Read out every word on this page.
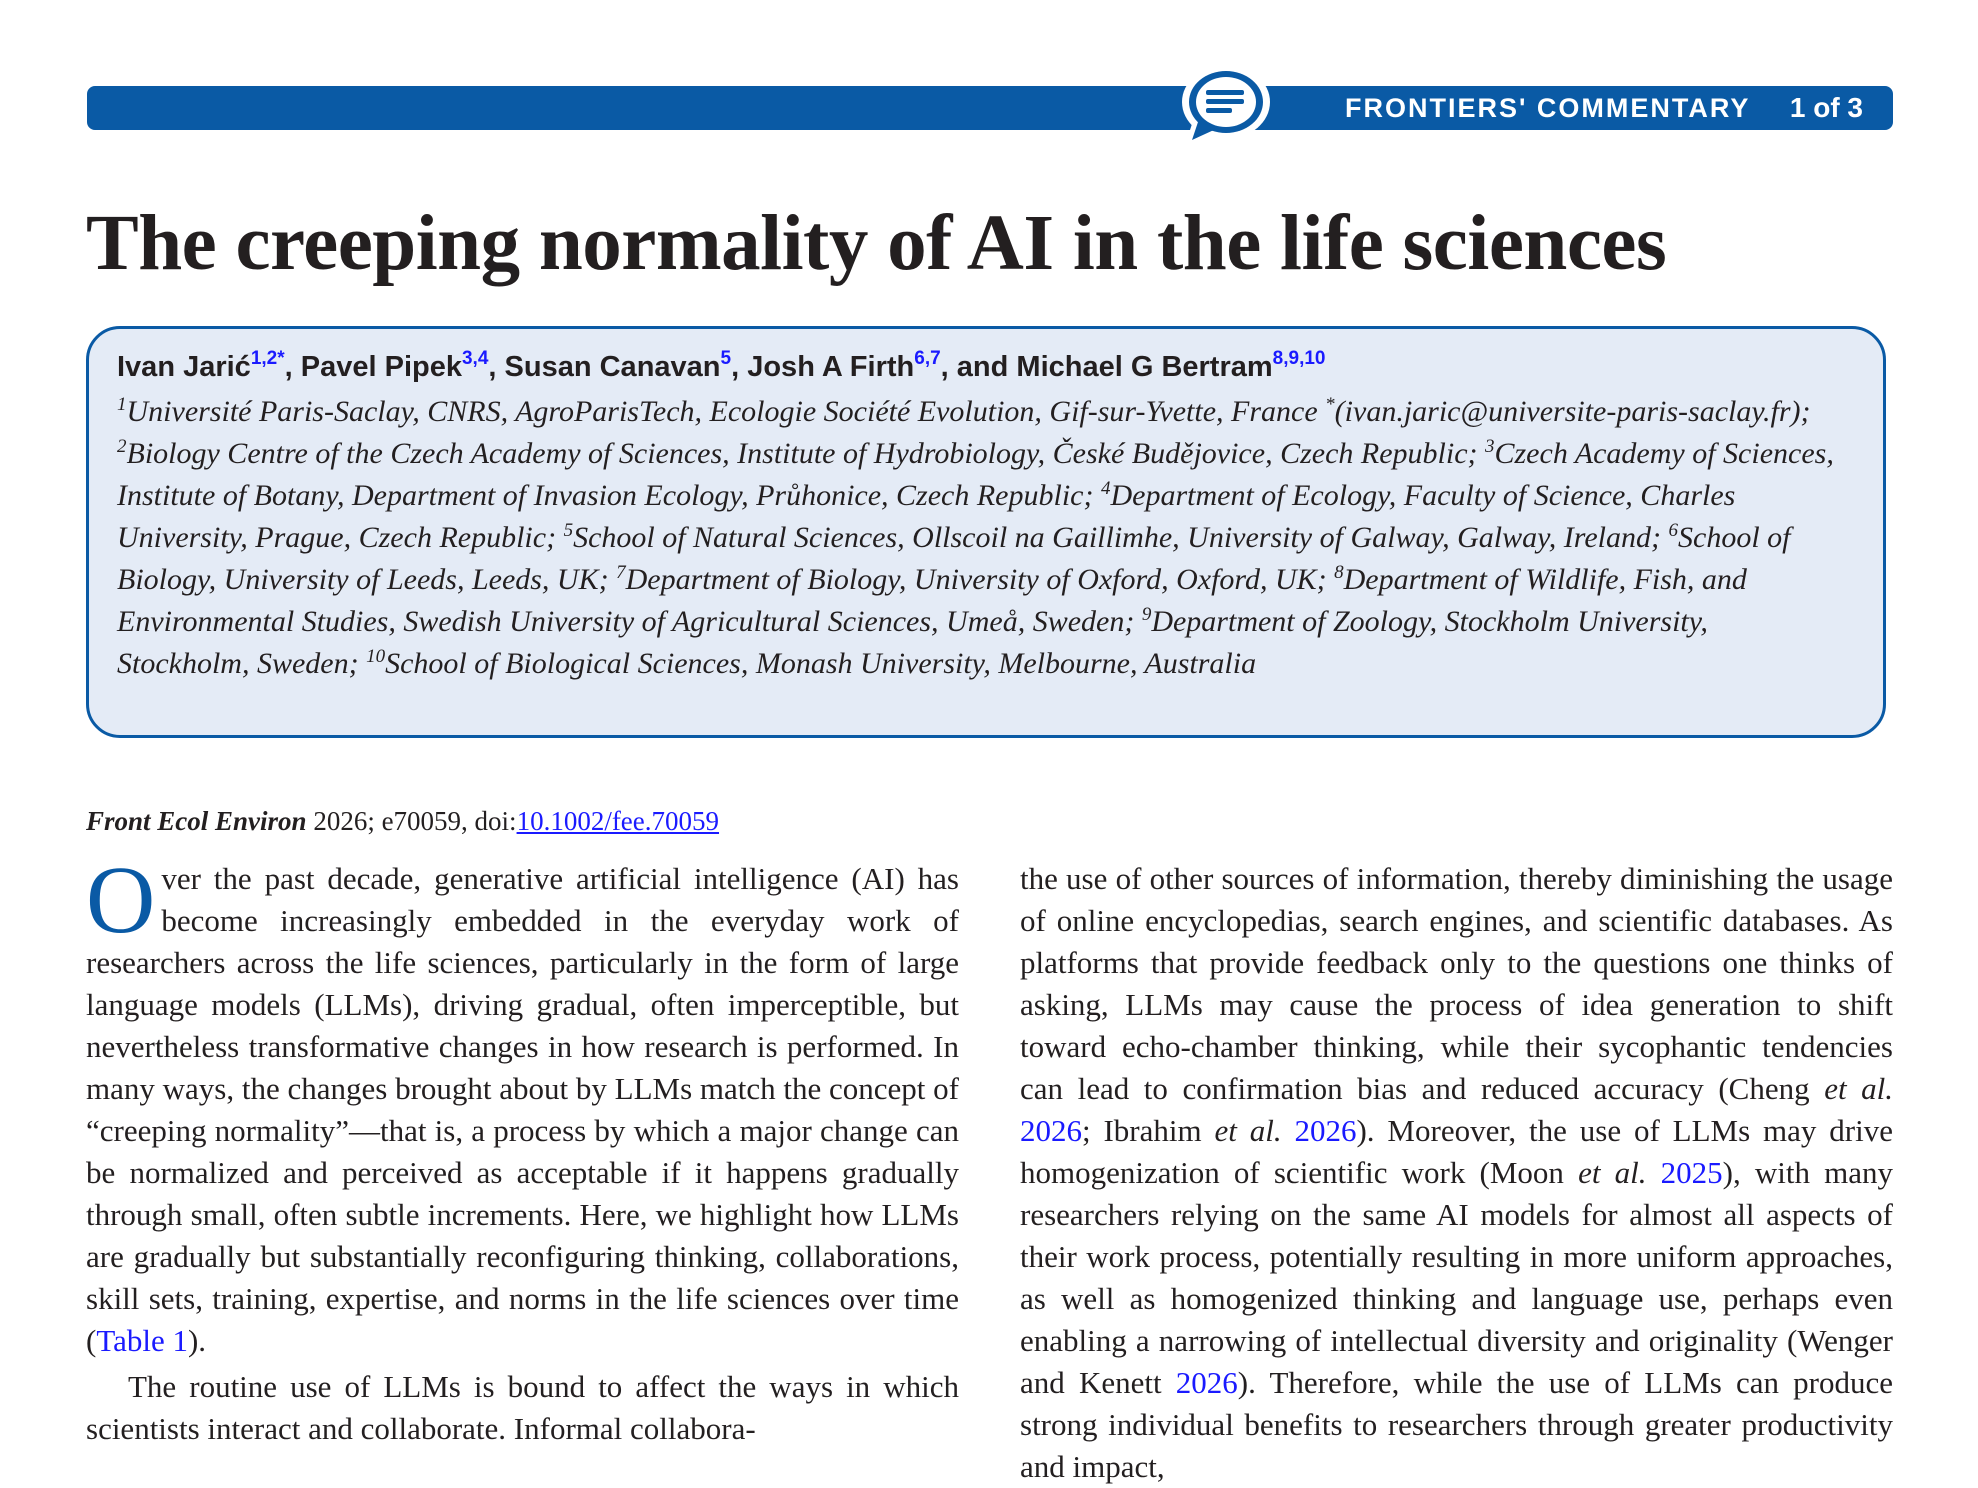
FRONTIERS' COMMENTARY 1 of 3
The creeping normality of AI in the life sciences
Ivan Jarić$^{1,2*}$, Pavel Pipek$^{3,4}$, Susan Canavan$^5$, Josh A Firth$^{6,7}$, and Michael G Bertram$^{8,9,10}$
$^1$Université Paris-Saclay, CNRS, AgroParisTech, Ecologie Société Evolution, Gif-sur-Yvette, France *(ivan.jaric@universite-paris-saclay.fr); $^2$Biology Centre of the Czech Academy of Sciences, Institute of Hydrobiology, České Budějovice, Czech Republic; $^3$Czech Academy of Sciences, Institute of Botany, Department of Invasion Ecology, Průhonice, Czech Republic; $^4$Department of Ecology, Faculty of Science, Charles University, Prague, Czech Republic; $^5$School of Natural Sciences, Ollscoil na Gaillimhe, University of Galway, Galway, Ireland; $^6$School of Biology, University of Leeds, Leeds, UK; $^7$Department of Biology, University of Oxford, Oxford, UK; $^8$Department of Wildlife, Fish, and Environmental Studies, Swedish University of Agricultural Sciences, Umeå, Sweden; $^9$Department of Zoology, Stockholm University, Stockholm, Sweden; $^{10}$School of Biological Sciences, Monash University, Melbourne, Australia
Front Ecol Environ 2026; e70059, doi:10.1002/fee.70059

Over the past decade, generative artificial intelligence (AI) has become increasingly embedded in the everyday work of researchers across the life sciences, particularly in the form of large language models (LLMs), driving gradual, often imperceptible, but nevertheless transformative changes in how research is performed. In many ways, the changes brought about by LLMs match the concept of “creeping normality”—that is, a process by which a major change can be normalized and perceived as acceptable if it happens gradually through small, often subtle increments. Here, we highlight how LLMs are gradually but substantially reconfiguring thinking, collaborations, skill sets, training, expertise, and norms in the life sciences over time (Table 1).

The routine use of LLMs is bound to affect the ways in which scientists interact and collaborate. Informal collabora-

the use of other sources of information, thereby diminishing the usage of online encyclopedias, search engines, and scientific databases. As platforms that provide feedback only to the questions one thinks of asking, LLMs may cause the process of idea generation to shift toward echo-chamber thinking, while their sycophantic tendencies can lead to confirmation bias and reduced accuracy (Cheng et al. 2026; Ibrahim et al. 2026). Moreover, the use of LLMs may drive homogenization of scientific work (Moon et al. 2025), with many researchers relying on the same AI models for almost all aspects of their work process, potentially resulting in more uniform approaches, as well as homogenized thinking and language use, perhaps even enabling a narrowing of intellectual diversity and originality (Wenger and Kenett 2026). Therefore, while the use of LLMs can produce strong individual benefits to researchers through greater productivity and impact,
